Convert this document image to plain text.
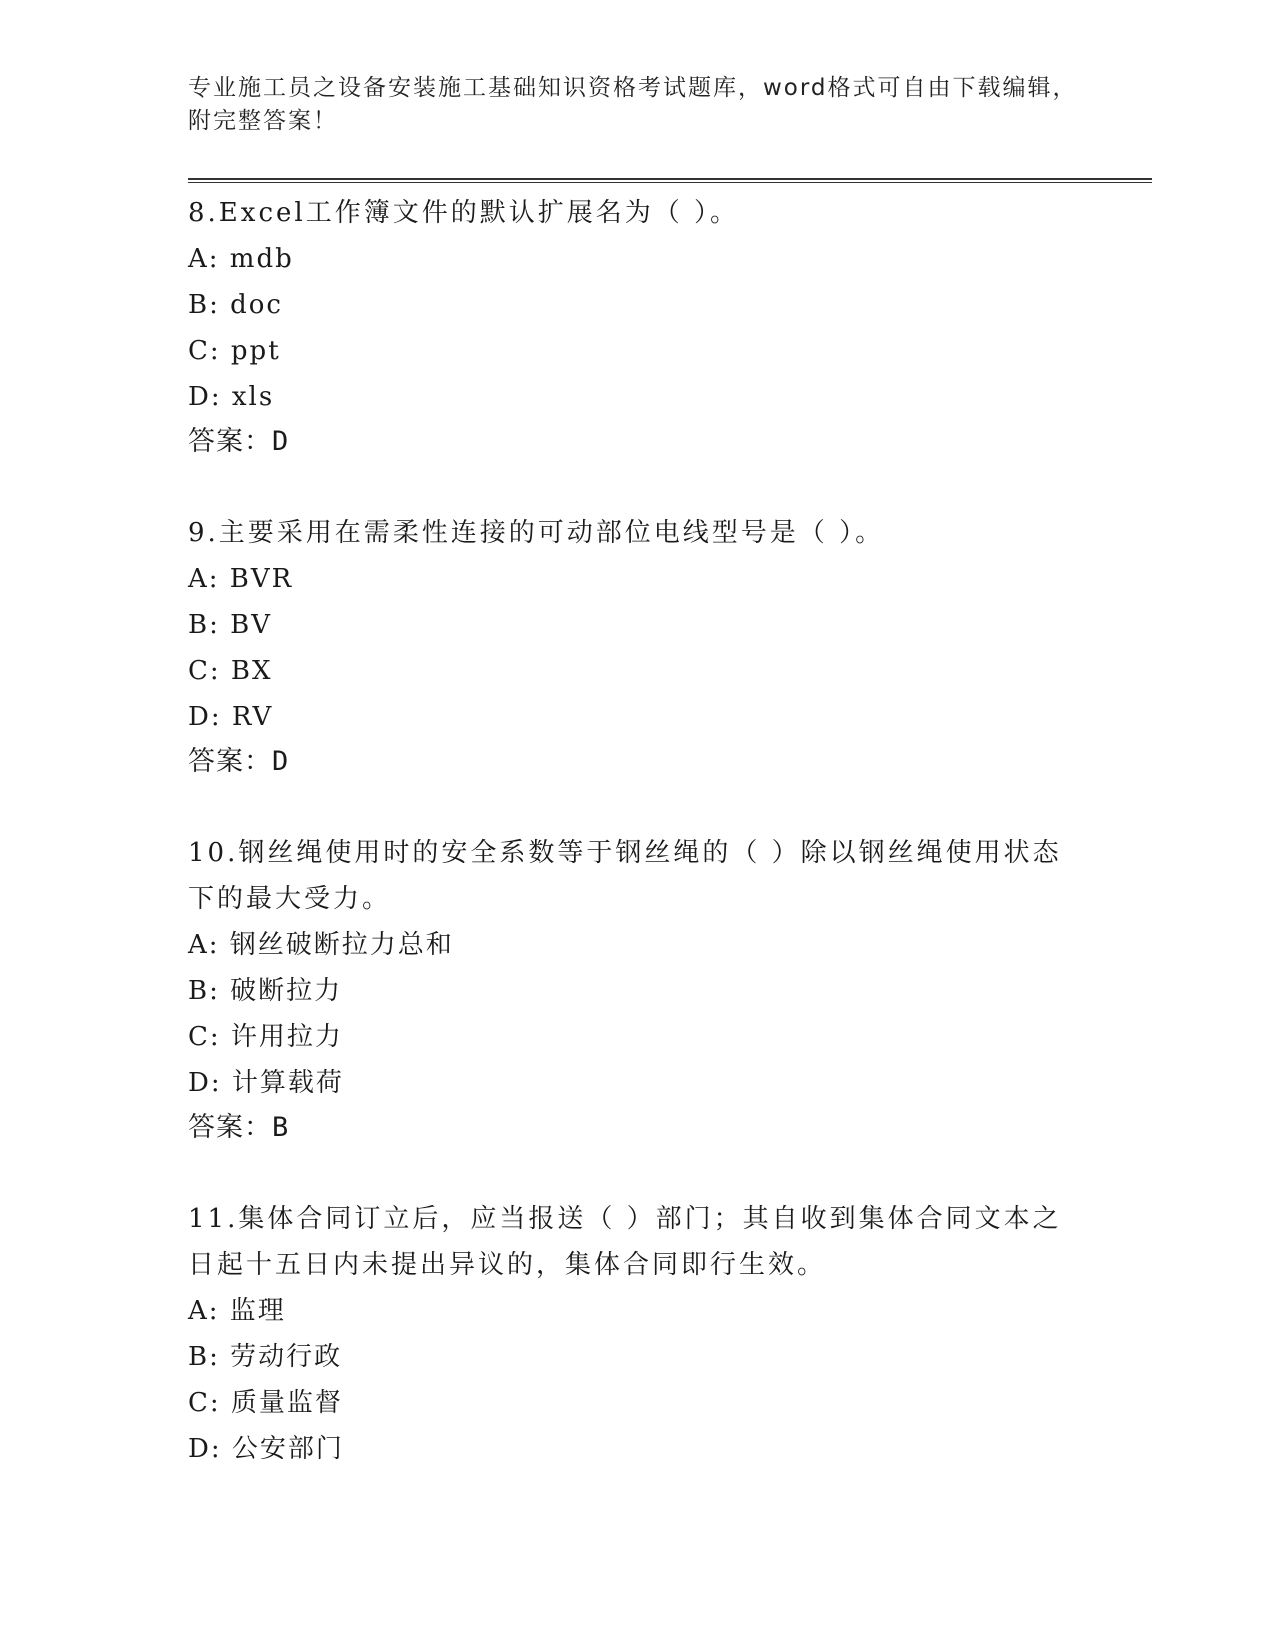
专业施工员之设备安装施工基础知识资格考试题库，word格式可自由下载编辑，附完整答案！

8.Excel工作簿文件的默认扩展名为（ ）。

A: mdb

B: doc

C: ppt

D: xls

答案：D

9.主要采用在需柔性连接的可动部位电线型号是（ ）。

A: BVR

B: BV

C: BX

D: RV

答案：D

10.钢丝绳使用时的安全系数等于钢丝绳的（ ）除以钢丝绳使用状态下的最大受力。

A: 钢丝破断拉力总和

B: 破断拉力

C: 许用拉力

D: 计算载荷

答案：B

11.集体合同订立后，应当报送（ ）部门；其自收到集体合同文本之日起十五日内未提出异议的，集体合同即行生效。

A: 监理

B: 劳动行政

C: 质量监督

D: 公安部门
